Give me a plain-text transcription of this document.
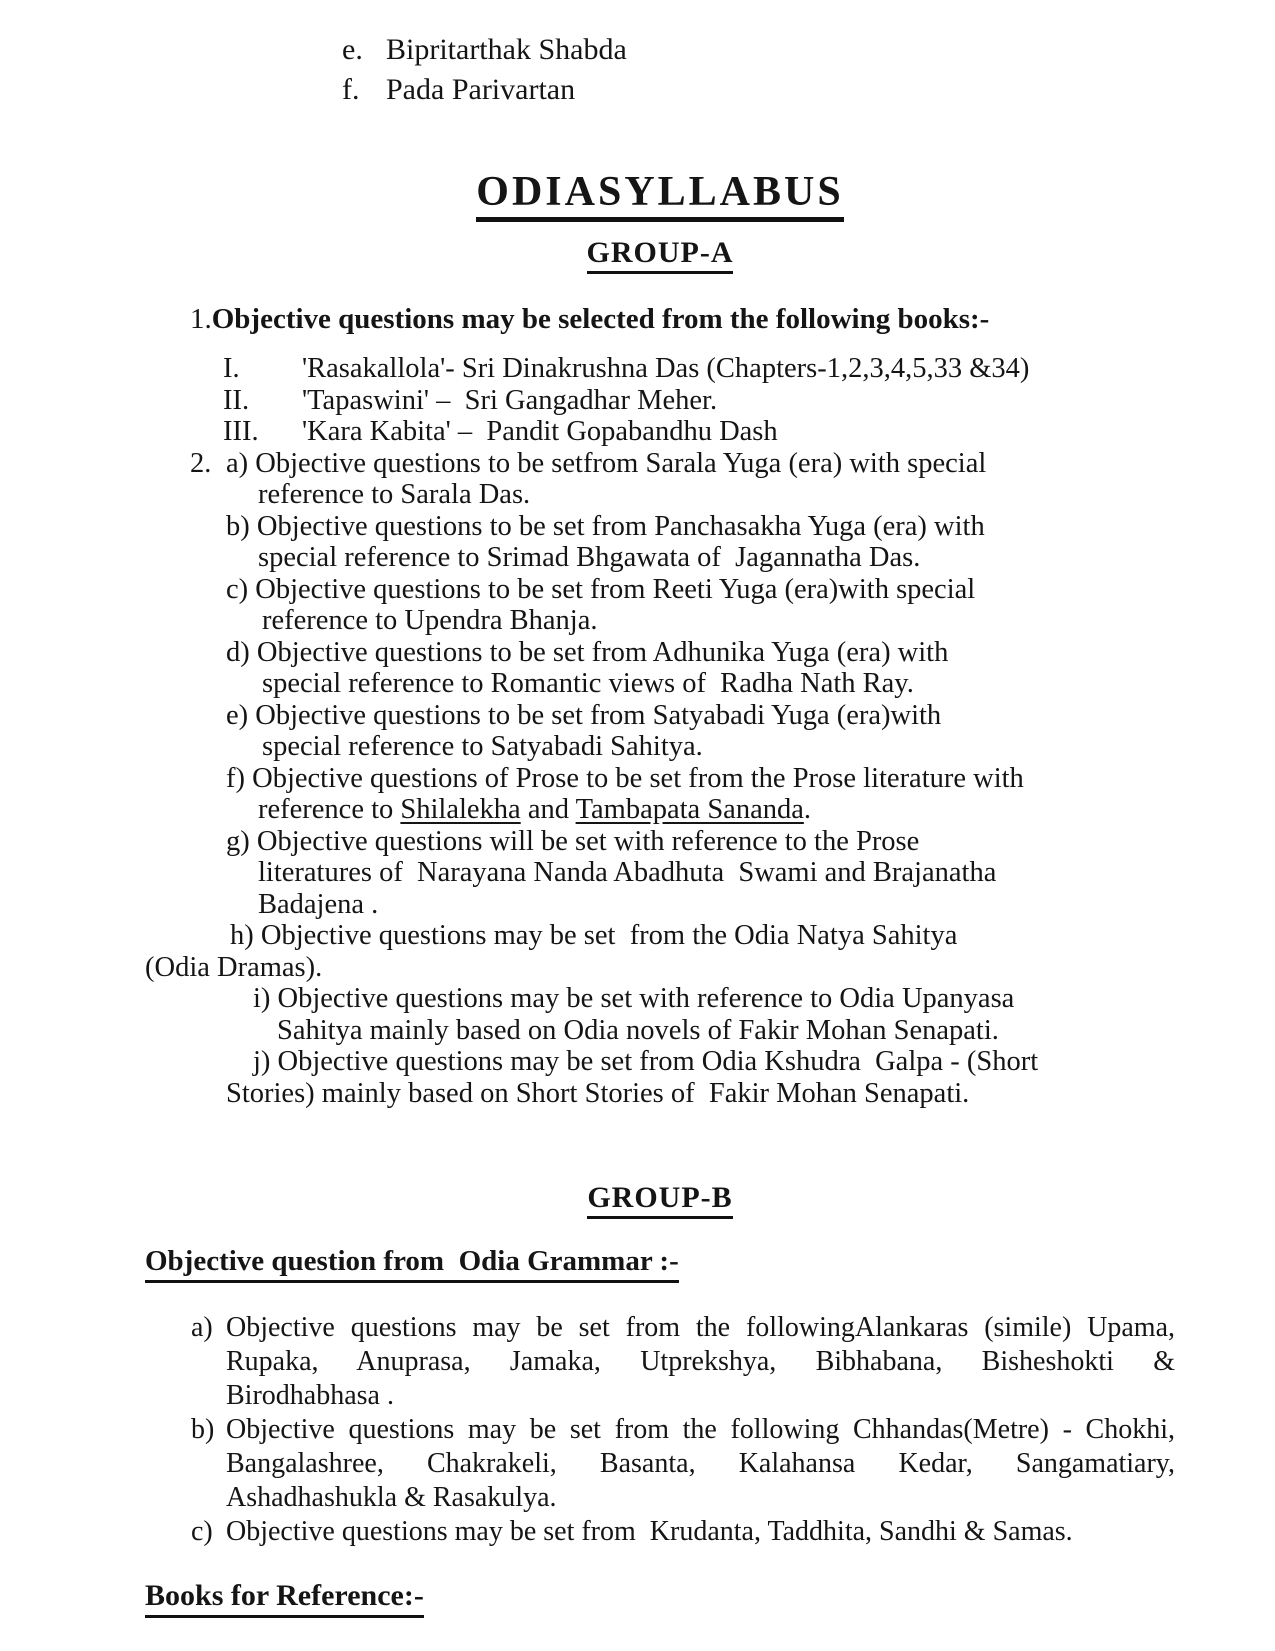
e. Bipritarthak Shabda
f. Pada Parivartan
ODIASYLLABUS
GROUP-A
1.Objective questions may be selected from the following books:-
I. 'Rasakallola'- Sri Dinakrushna Das (Chapters-1,2,3,4,5,33 &34)
II. 'Tapaswini' –  Sri Gangadhar Meher.
III. 'Kara Kabita' –  Pandit Gopabandhu Dash
2. a) Objective questions to be setfrom Sarala Yuga (era) with special
reference to Sarala Das.
b) Objective questions to be set from Panchasakha Yuga (era) with
special reference to Srimad Bhgawata of  Jagannatha Das.
c) Objective questions to be set from Reeti Yuga (era)with special
reference to Upendra Bhanja.
d) Objective questions to be set from Adhunika Yuga (era) with
special reference to Romantic views of  Radha Nath Ray.
e) Objective questions to be set from Satyabadi Yuga (era)with
special reference to Satyabadi Sahitya.
f) Objective questions of Prose to be set from the Prose literature with
reference to Shilalekha and Tambapata Sananda.
g) Objective questions will be set with reference to the Prose
literatures of  Narayana Nanda Abadhuta  Swami and Brajanatha
Badajena .
h) Objective questions may be set  from the Odia Natya Sahitya
(Odia Dramas).
i) Objective questions may be set with reference to Odia Upanyasa
Sahitya mainly based on Odia novels of Fakir Mohan Senapati.
j) Objective questions may be set from Odia Kshudra  Galpa - (Short
Stories) mainly based on Short Stories of  Fakir Mohan Senapati.
GROUP-B
Objective question from  Odia Grammar :-
a) Objective questions may be set from the followingAlankaras (simile) Upama,
Rupaka, Anuprasa, Jamaka, Utprekshya, Bibhabana, Bisheshokti &
Birodhabhasa .
b) Objective questions may be set from the following Chhandas(Metre) - Chokhi,
Bangalashree, Chakrakeli, Basanta, Kalahansa Kedar, Sangamatiary,
Ashadhashukla & Rasakulya.
c) Objective questions may be set from  Krudanta, Taddhita, Sandhi & Samas.
Books for Reference:-
